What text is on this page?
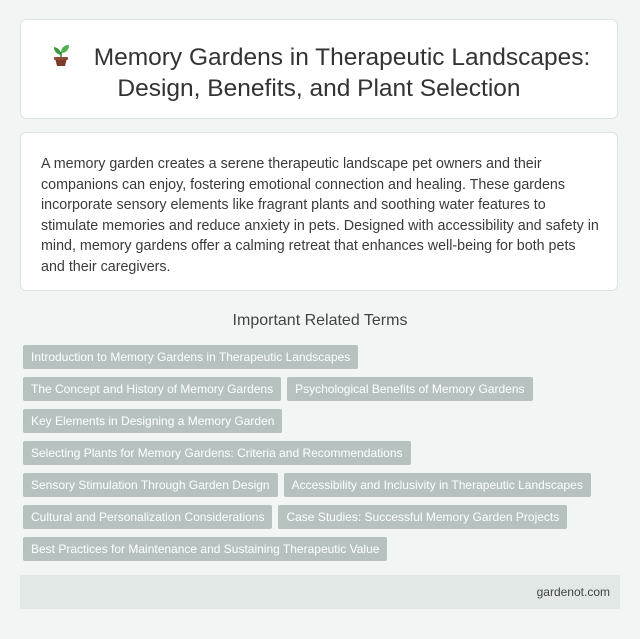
Memory Gardens in Therapeutic Landscapes: Design, Benefits, and Plant Selection
A memory garden creates a serene therapeutic landscape pet owners and their companions can enjoy, fostering emotional connection and healing. These gardens incorporate sensory elements like fragrant plants and soothing water features to stimulate memories and reduce anxiety in pets. Designed with accessibility and safety in mind, memory gardens offer a calming retreat that enhances well-being for both pets and their caregivers.
Important Related Terms
Introduction to Memory Gardens in Therapeutic Landscapes
The Concept and History of Memory Gardens Psychological Benefits of Memory Gardens
Key Elements in Designing a Memory Garden
Selecting Plants for Memory Gardens: Criteria and Recommendations
Sensory Stimulation Through Garden Design Accessibility and Inclusivity in Therapeutic Landscapes
Cultural and Personalization Considerations Case Studies: Successful Memory Garden Projects
Best Practices for Maintenance and Sustaining Therapeutic Value
gardenot.com
